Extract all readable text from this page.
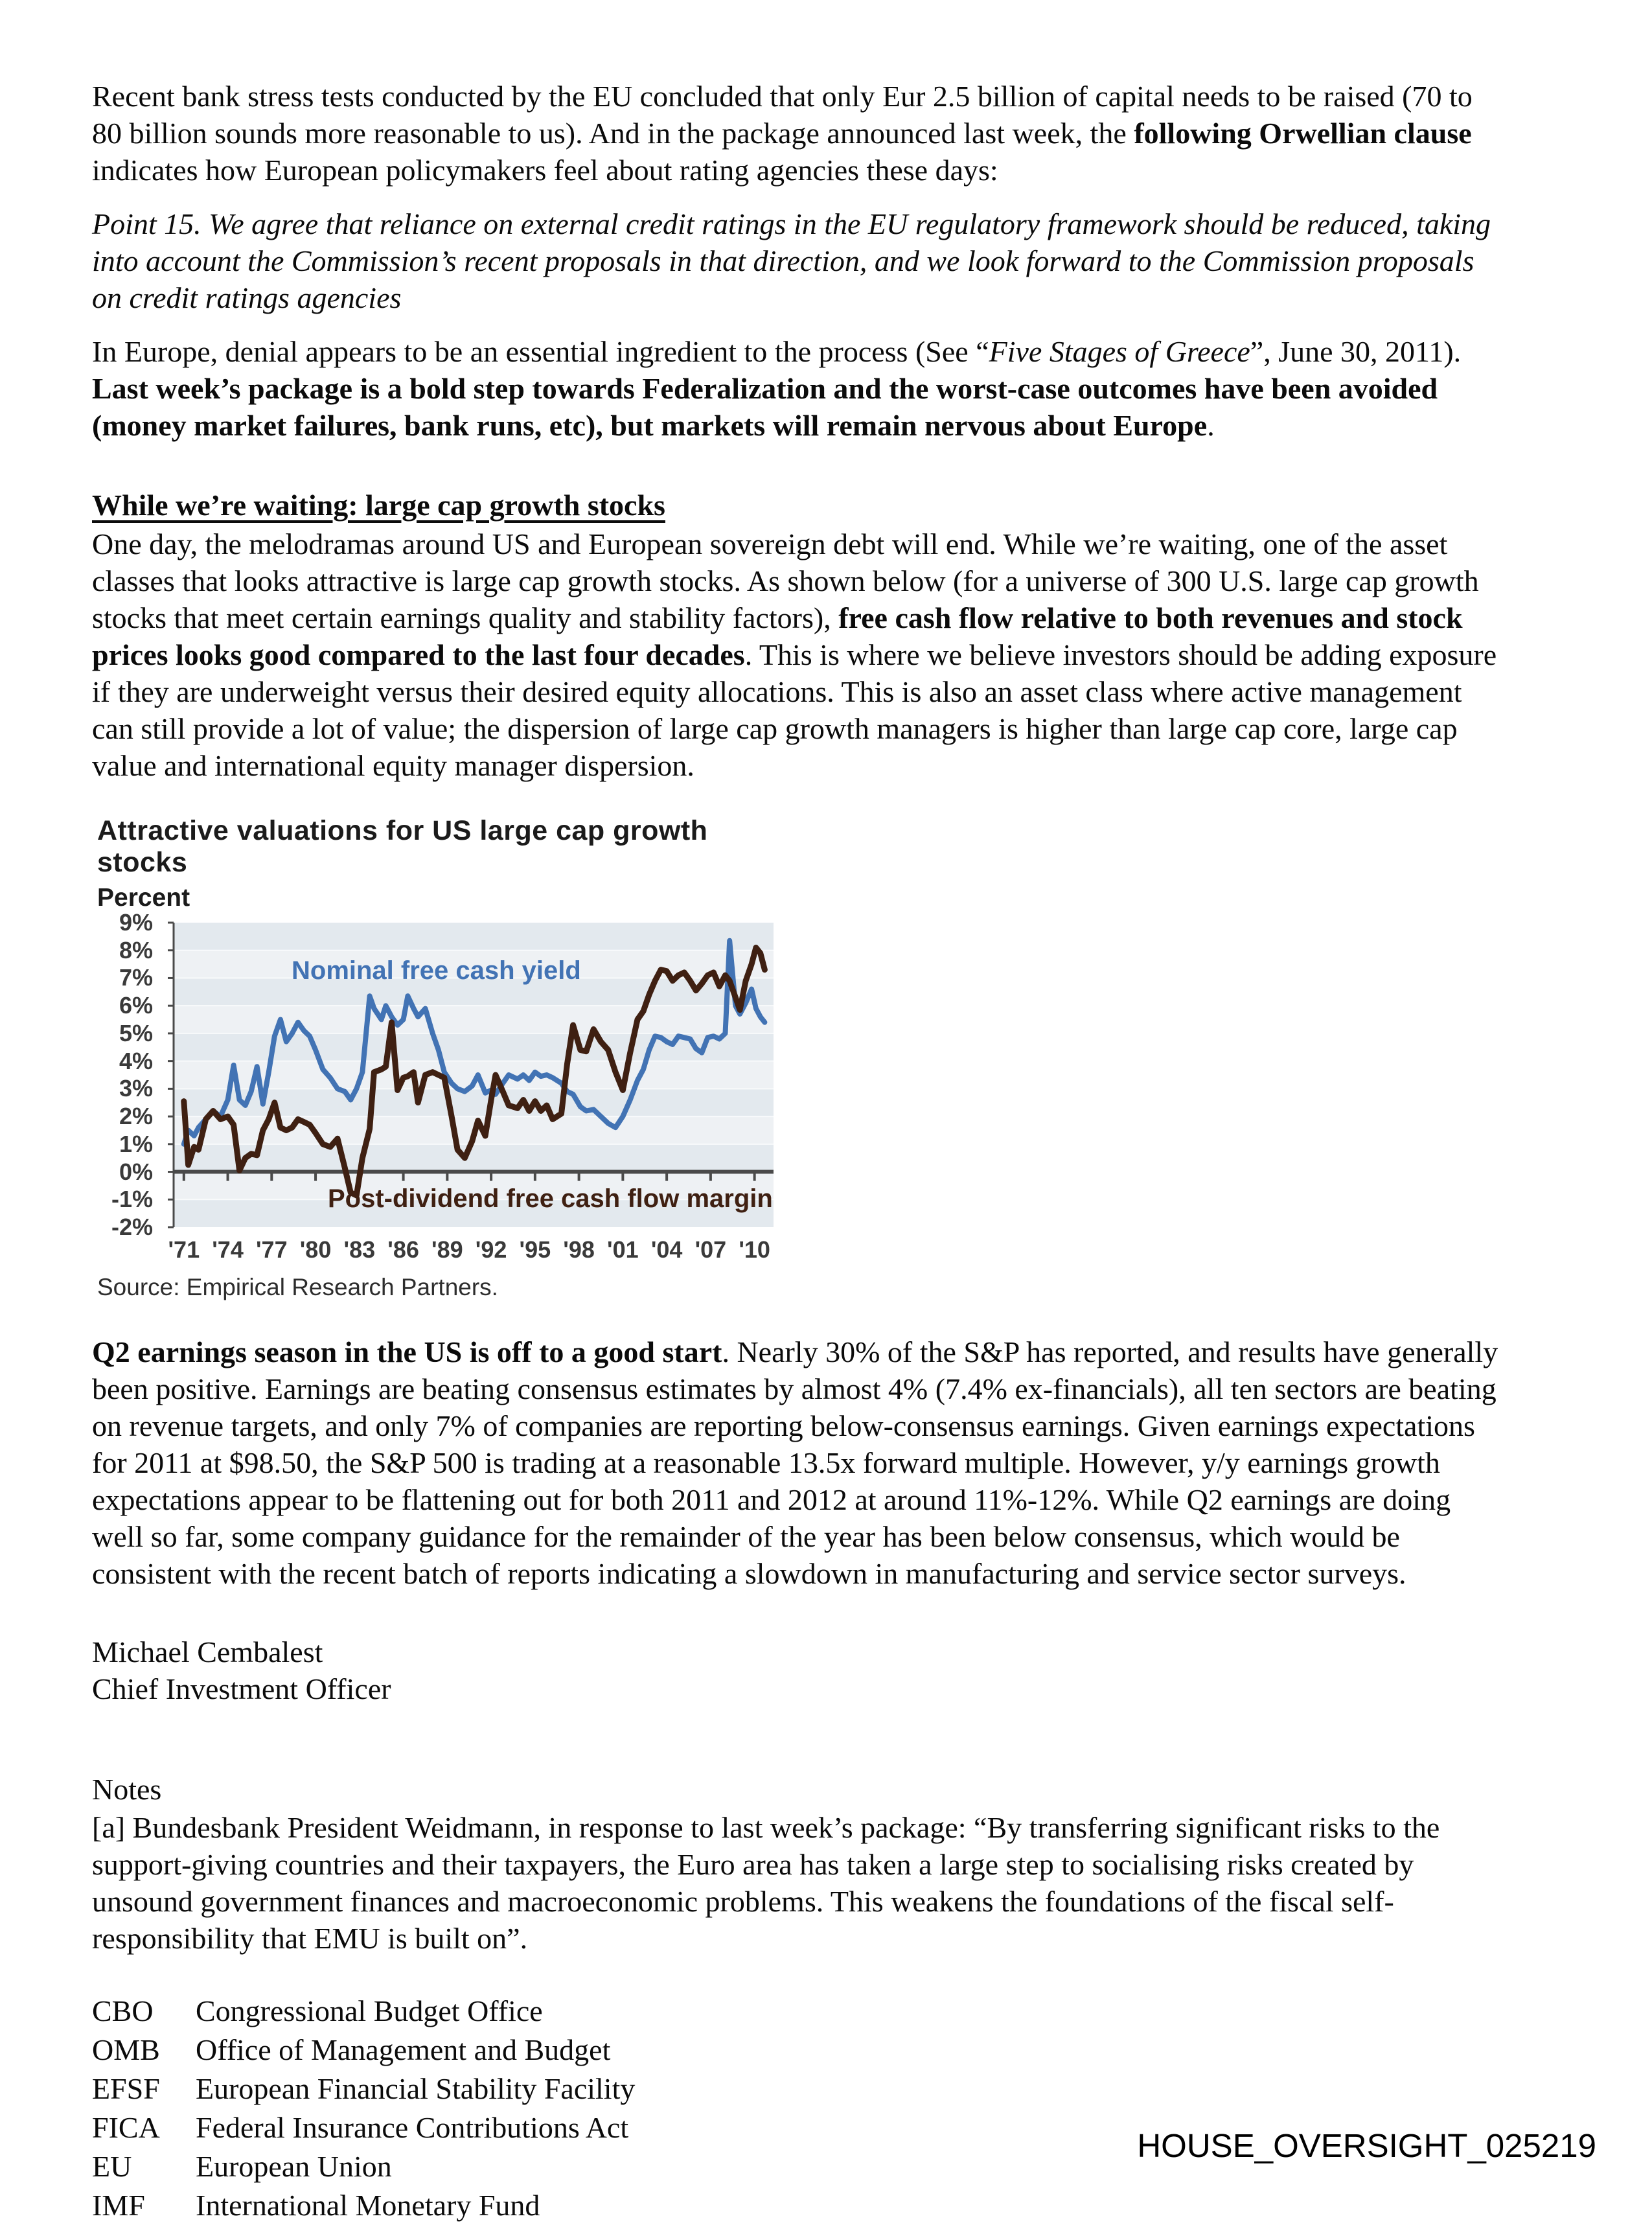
Recent bank stress tests conducted by the EU concluded that only Eur 2.5 billion of capital needs to be raised (70 to 80 billion sounds more reasonable to us). And in the package announced last week, the following Orwellian clause indicates how European policymakers feel about rating agencies these days:

Point 15. We agree that reliance on external credit ratings in the EU regulatory framework should be reduced, taking into account the Commission’s recent proposals in that direction, and we look forward to the Commission proposals on credit ratings agencies

In Europe, denial appears to be an essential ingredient to the process (See “Five Stages of Greece”, June 30, 2011). Last week’s package is a bold step towards Federalization and the worst-case outcomes have been avoided (money market failures, bank runs, etc), but markets will remain nervous about Europe.

While we’re waiting: large cap growth stocks

One day, the melodramas around US and European sovereign debt will end. While we’re waiting, one of the asset classes that looks attractive is large cap growth stocks. As shown below (for a universe of 300 U.S. large cap growth stocks that meet certain earnings quality and stability factors), free cash flow relative to both revenues and stock prices looks good compared to the last four decades. This is where we believe investors should be adding exposure if they are underweight versus their desired equity allocations. This is also an asset class where active management can still provide a lot of value; the dispersion of large cap growth managers is higher than large cap core, large cap value and international equity manager dispersion.

Attractive valuations for US large cap growth stocks
Percent
9%
8%
7%
6%
5%
4%
3%
2%
1%
0%
-1%
-2%
Nominal free cash yield
Post-dividend free cash flow margin
'71 '74 '77 '80 '83 '86 '89 '92 '95 '98 '01 '04 '07 '10
Source: Empirical Research Partners.

Q2 earnings season in the US is off to a good start. Nearly 30% of the S&P has reported, and results have generally been positive. Earnings are beating consensus estimates by almost 4% (7.4% ex-financials), all ten sectors are beating on revenue targets, and only 7% of companies are reporting below-consensus earnings. Given earnings expectations for 2011 at $98.50, the S&P 500 is trading at a reasonable 13.5x forward multiple. However, y/y earnings growth expectations appear to be flattening out for both 2011 and 2012 at around 11%-12%. While Q2 earnings are doing well so far, some company guidance for the remainder of the year has been below consensus, which would be consistent with the recent batch of reports indicating a slowdown in manufacturing and service sector surveys.

Michael Cembalest
Chief Investment Officer
Notes

[a] Bundesbank President Weidmann, in response to last week’s package: “By transferring significant risks to the support-giving countries and their taxpayers, the Euro area has taken a large step to socialising risks created by unsound government finances and macroeconomic problems. This weakens the foundations of the fiscal self-responsibility that EMU is built on”.

CBO	Congressional Budget Office
OMB	Office of Management and Budget
EFSF	European Financial Stability Facility
FICA	Federal Insurance Contributions Act
EU	European Union
IMF	International Monetary Fund
HOUSE_OVERSIGHT_025219
